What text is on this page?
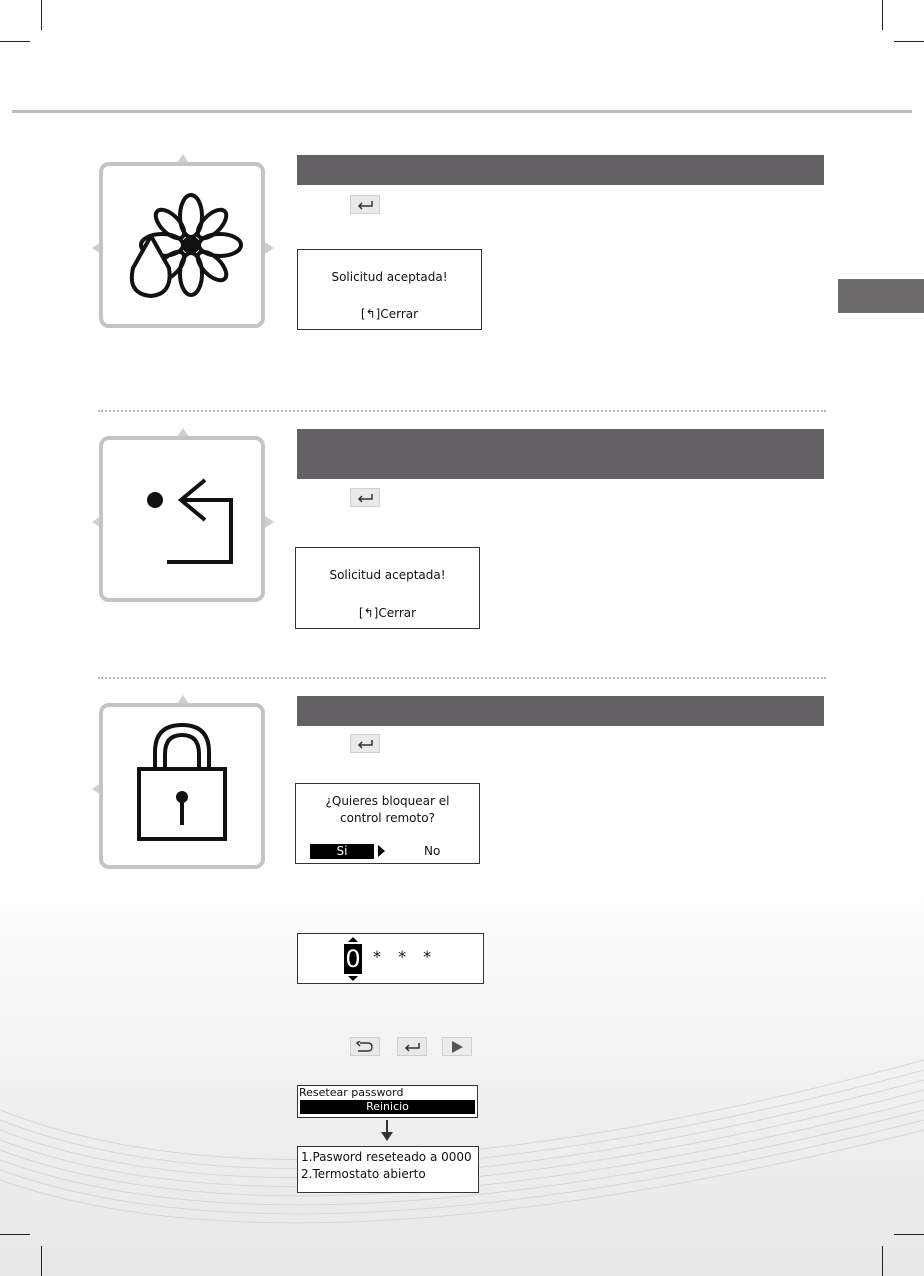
Solicitud aceptada!
[↰]Cerrar
Solicitud aceptada!
[↰]Cerrar
¿Quieres bloquear el
control remoto?
Si	No
0 * * *
Resetear password
Reinicio
1.Pasword reseteado a 0000
2.Termostato abierto
